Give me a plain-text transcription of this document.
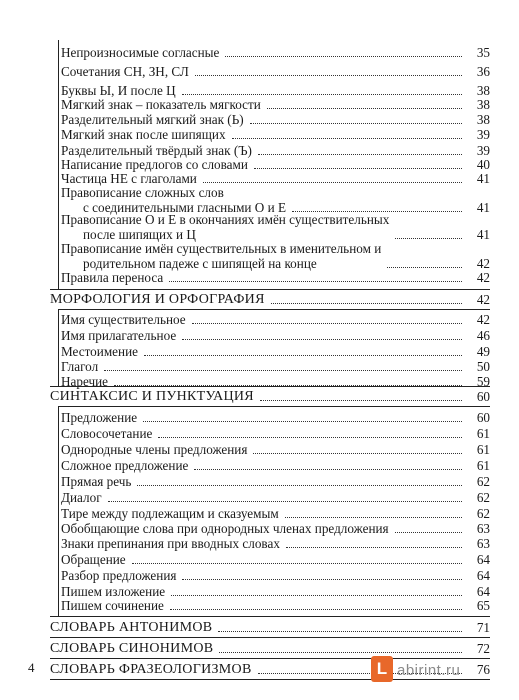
Непроизносимые согласные	35
Сочетания СН, ЗН, СЛ	36
Буквы Ы, И после Ц	38
Мягкий знак – показатель мягкости	38
Разделительный мягкий знак (Ь)	38
Мягкий знак после шипящих	39
Разделительный твёрдый знак (Ъ)	39
Написание предлогов со словами	40
Частица НЕ с глаголами	41
Правописание сложных слов
с соединительными гласными О и Е	41
Правописание О и Е в окончаниях имён существительных
после шипящих и Ц	41
Правописание имён существительных в именительном и
родительном падеже с шипящей на конце	42
Правила переноса	42
МОРФОЛОГИЯ И ОРФОГРАФИЯ	42
Имя существительное	42
Имя прилагательное	46
Местоимение	49
Глагол	50
Наречие	59
СИНТАКСИС И ПУНКТУАЦИЯ	60
Предложение	60
Словосочетание	61
Однородные члены предложения	61
Сложное предложение	61
Прямая речь	62
Диалог	62
Тире между подлежащим и сказуемым	62
Обобщающие слова при однородных членах предложения	63
Знаки препинания при вводных словах	63
Обращение	64
Разбор предложения	64
Пишем изложение	64
Пишем сочинение	65
СЛОВАРЬ АНТОНИМОВ	71
СЛОВАРЬ СИНОНИМОВ	72
СЛОВАРЬ ФРАЗЕОЛОГИЗМОВ	76
4	L abirint.ru
